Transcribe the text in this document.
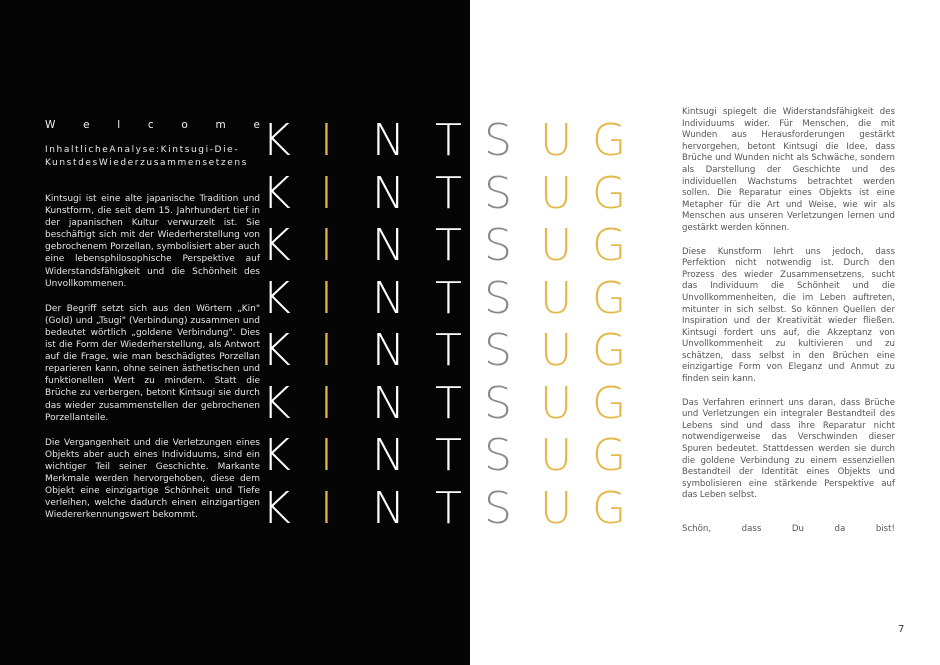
W	e	l	c	o	m	e
InhaltlicheAnalyse:Kintsugi-Die-KunstdesWiederzusammensetzens

Kintsugi ist eine alte japanische Tradition und Kunstform, die seit dem 15. Jahrhundert tief in der japanischen Kultur verwurzelt ist. Sie beschäftigt sich mit der Wiederherstellung von gebrochenem Porzellan, symbolisiert aber auch eine lebensphilosophische Perspektive auf Widerstandsfähigkeit und die Schönheit des Unvollkommenen.

Der Begriff setzt sich aus den Wörtern „Kin" (Gold) und „Tsugi" (Verbindung) zusammen und bedeutet wörtlich „goldene Verbindung". Dies ist die Form der Wiederherstellung, als Antwort auf die Frage, wie man beschädigtes Porzellan reparieren kann, ohne seinen ästhetischen und funktionellen Wert zu mindern. Statt die Brüche zu verbergen, betont Kintsugi sie durch das wieder zusammenstellen der gebrochenen Porzellanteile.

Die Vergangenheit und die Verletzungen eines Objekts aber auch eines Individuums, sind ein wichtiger Teil seiner Geschichte. Markante Merkmale werden hervorgehoben, diese dem Objekt eine einzigartige Schönheit und Tiefe verleihen, welche dadurch einen einzigartigen Wiedererkennungswert bekommt.

K I N T S U G
K I N T S U G
K I N T S U G
K I N T S U G
K I N T S U G
K I N T S U G
K I N T S U G
K I N T S U G

Kintsugi spiegelt die Widerstandsfähigkeit des Individuums wider. Für Menschen, die mit Wunden aus Herausforderungen gestärkt hervorgehen, betont Kintsugi die Idee, dass Brüche und Wunden nicht als Schwäche, sondern als Darstellung der Geschichte und des individuellen Wachstums betrachtet werden sollen. Die Reparatur eines Objekts ist eine Metapher für die Art und Weise, wie wir als Menschen aus unseren Verletzungen lernen und gestärkt werden können.

Diese Kunstform lehrt uns jedoch, dass Perfektion nicht notwendig ist. Durch den Prozess des wieder Zusammensetzens, sucht das Individuum die Schönheit und die Unvollkommenheiten, die im Leben auftreten, mitunter in sich selbst. So können Quellen der Inspiration und der Kreativität wieder fließen. Kintsugi fordert uns auf, die Akzeptanz von Unvollkommenheit zu kultivieren und zu schätzen, dass selbst in den Brüchen eine einzigartige Form von Eleganz und Anmut zu finden sein kann.

Das Verfahren erinnert uns daran, dass Brüche und Verletzungen ein integraler Bestandteil des Lebens sind und dass ihre Reparatur nicht notwendigerweise das Verschwinden dieser Spuren bedeutet. Stattdessen werden sie durch die goldene Verbindung zu einem essenziellen Bestandteil der Identität eines Objekts und symbolisieren eine stärkende Perspektive auf das Leben selbst.

Schön,	dass	Du	da	bist!
7
